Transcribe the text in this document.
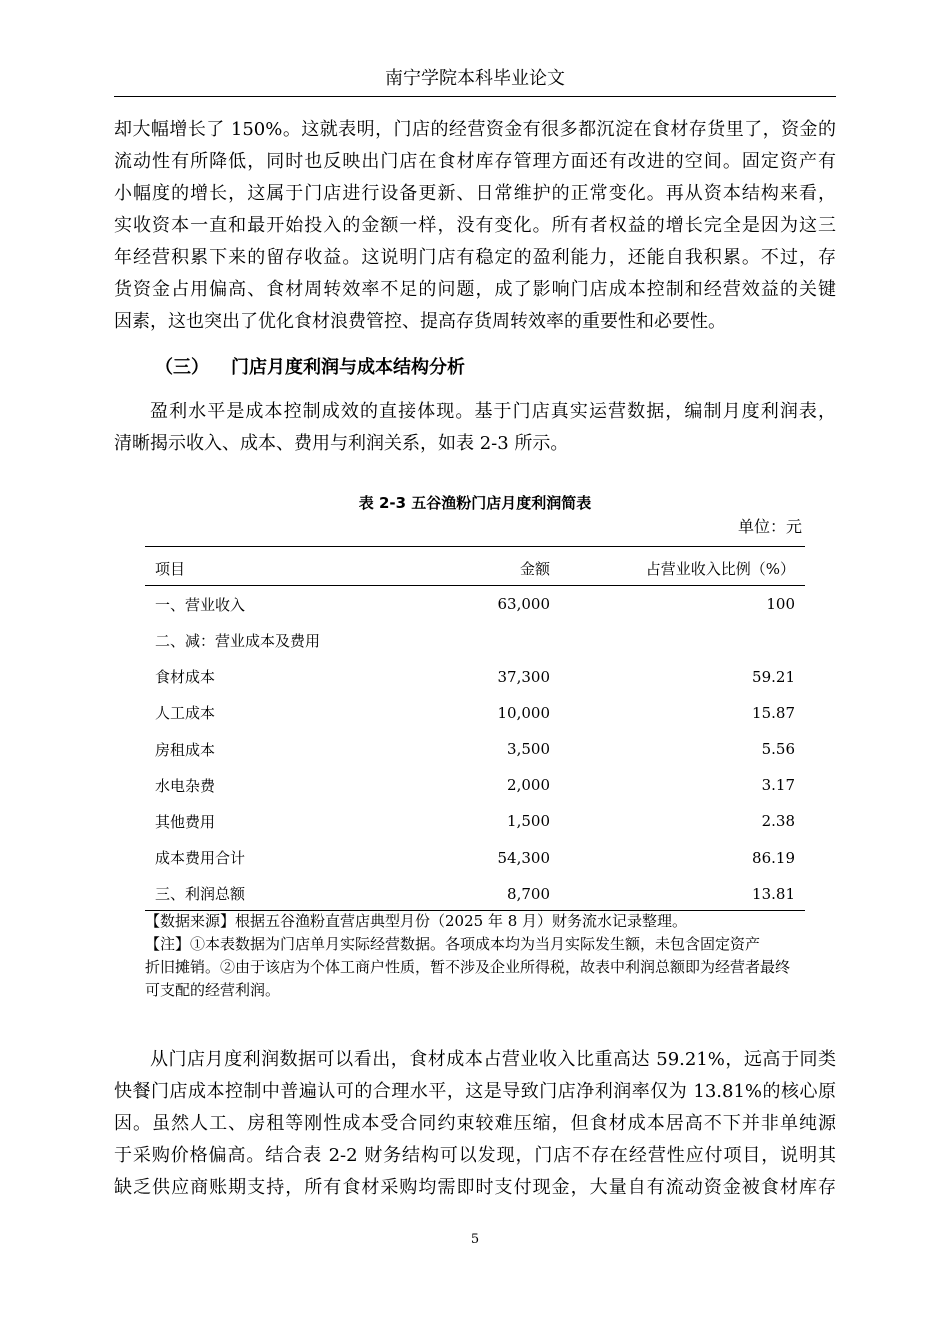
南宁学院本科毕业论文
却大幅增长了 150%。这就表明，门店的经营资金有很多都沉淀在食材存货里了，资金的
流动性有所降低，同时也反映出门店在食材库存管理方面还有改进的空间。固定资产有
小幅度的增长，这属于门店进行设备更新、日常维护的正常变化。再从资本结构来看，
实收资本一直和最开始投入的金额一样，没有变化。所有者权益的增长完全是因为这三
年经营积累下来的留存收益。这说明门店有稳定的盈利能力，还能自我积累。不过，存
货资金占用偏高、食材周转效率不足的问题，成了影响门店成本控制和经营效益的关键
因素，这也突出了优化食材浪费管控、提高存货周转效率的重要性和必要性。
（三） 门店月度利润与成本结构分析
盈利水平是成本控制成效的直接体现。基于门店真实运营数据，编制月度利润表，
清晰揭示收入、成本、费用与利润关系，如表 2-3 所示。
表 2-3 五谷渔粉门店月度利润简表
单位：元
项目	金额	占营业收入比例（%）
一、营业收入	63,000	100
二、减：营业成本及费用		
食材成本	37,300	59.21
人工成本	10,000	15.87
房租成本	3,500	5.56
水电杂费	2,000	3.17
其他费用	1,500	2.38
成本费用合计	54,300	86.19
三、利润总额	8,700	13.81

【数据来源】根据五谷渔粉直营店典型月份（2025 年 8 月）财务流水记录整理。

【注】①本表数据为门店单月实际经营数据。各项成本均为当月实际发生额，未包含固定资产
折旧摊销。②由于该店为个体工商户性质，暂不涉及企业所得税，故表中利润总额即为经营者最终
可支配的经营利润。

从门店月度利润数据可以看出，食材成本占营业收入比重高达 59.21%，远高于同类
快餐门店成本控制中普遍认可的合理水平，这是导致门店净利润率仅为 13.81%的核心原
因。虽然人工、房租等刚性成本受合同约束较难压缩，但食材成本居高不下并非单纯源
于采购价格偏高。结合表 2-2 财务结构可以发现，门店不存在经营性应付项目，说明其
缺乏供应商账期支持，所有食材采购均需即时支付现金，大量自有流动资金被食材库存
5
